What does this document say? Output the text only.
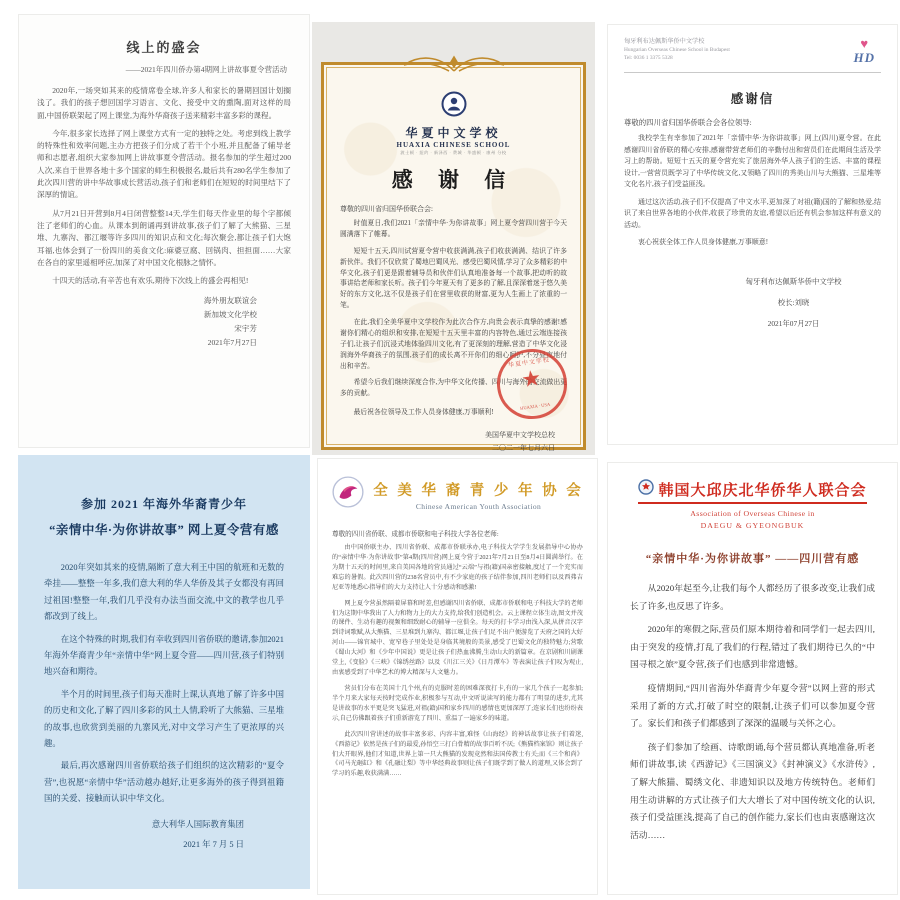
线上的盛会
——2021年四川侨办第4期网上讲故事夏令营活动

2020年,一场突如其来的疫情席卷全球,许多人和家长的暑期回国计划搁浅了。我们的孩子想回国学习语言、文化、接受中文的熏陶,面对这样的局面,中国侨联架起了网上课堂,为海外华裔孩子送来精彩丰富多彩的课程。

今年,很多家长选择了网上课堂方式有一定的独特之处。考虑到线上教学的特殊性和效率问题,主办方把孩子们分成了若干个小班,并且配备了辅导老师和志愿者,组织大家参加网上讲故事夏令营活动。报名参加的学生超过200人次,来自于世界各地十多个国家的师生积极报名,最后共有280名学生参加了此次四川营的讲中华故事成长营活动,孩子们和老师们在短短的时间里结下了深厚的情谊。

从7月21日开营到8月4日闭营整整14天,学生们每天作业里的每个字都倾注了老师们的心血。从课本到朗诵再到讲故事,孩子们了解了大熊猫、三星堆、九寨沟、都江堰等许多四川的知识点和文化;每次聚会,都让孩子们大饱耳福,也体会到了一份四川的美食文化:麻婆豆腐、回锅肉、担担面……大家在各自的家里遥相呼应,加深了对中国文化根脉之情怀。

十四天的活动,有辛苦也有欢乐,期待下次线上的盛会再相见!

海外朋友联谊会
新加坡文化学校
宋宇芳
2021年7月27日
华夏中文学校
HUAXIA CHINESE SCHOOL
波士顿 · 纽约 · 新泽西 · 费城 · 华盛顿 · 康州 分校
感 谢 信
尊敬的四川省归国华侨联合会:

时值夏日,我们2021「亲情中华·为你讲故事」网上夏令营四川营于今天圆满落下了帷幕。

短短十五天,四川试营夏令营中收获满满,孩子们收获满满、结识了许多新伙伴。我们不仅欣赏了蜀地巴蜀风光、感受巴蜀风情,学习了众多精彩的中华文化,孩子们更是跟着辅导员和伙伴们认真地准备每一个故事,把动听的故事讲给老师和家长听。孩子们今年夏天有了更多的了解,且深深着迷于悠久美好的东方文化,这不仅是孩子们在营里收获的财富,更为人生画上了浓重的一笔。

在此,我们全美华夏中文学校作为此次合作方,向贵会表示真挚的感谢!感谢你们精心的组织和安排,在短短十五天里丰富的内容特色,通过云端连接孩子们,让孩子们沉浸式地体验四川文化,有了更深刻的理解,营造了中华文化浸润海外华裔孩子的氛围,孩子们的成长离不开你们的细心呵护,不分昼夜地付出和辛苦。

希望今后我们继续深度合作,为中华文化传播、四川与海外的交流做出更多的贡献。

最后祝各位领导及工作人员身体健康,万事顺利!
美国华夏中文学校总校
二〇二一年七月六日
华夏中文学校
★
HUAXIA · USA
匈牙利布达佩斯华侨中文学校
Hungarian Overseas Chinese School in Budapest
Tel: 0036 1 3375 5328
♥
HD
感谢信
尊敬的四川省归国华侨联合会各位领导:

我校学生有幸参加了2021年「亲情中华·为你讲故事」网上(四川)夏令营。在此感谢四川省侨联的精心安排,感谢带营老师们的辛勤付出和营员们在此期间生活及学习上的帮助。短短十五天的夏令营充实了旅居海外华人孩子们的生活、丰富的课程设计,一营营员既学习了中华传统文化,又领略了四川的秀美山川与大熊猫、三星堆等文化名片,孩子们受益匪浅。

通过这次活动,孩子们不仅提高了中文水平,更加深了对祖(籍)国的了解和热爱,结识了来自世界各地的小伙伴,收获了珍贵的友谊,希望以后还有机会参加这样有意义的活动。

衷心祝获全体工作人员身体健康,万事顺意!
匈牙利布达佩斯华侨中文学校
校长:刘晓
2021年07月27日
参加 2021 年海外华裔青少年
“亲情中华·为你讲故事” 网上夏令营有感

2020年突如其来的疫情,隔断了意大利王中国的航班和无数的牵挂——整整一年多,我们意大利的华人华侨及其子女都没有再回过祖国!整整一年,我们几乎没有办法当面交流,中文的教学也几乎都改到了线上。

在这个特殊的时期,我们有幸收到四川省侨联的邀请,参加2021年海外华裔青少年“亲情中华”网上夏令营——四川营,孩子们特别地兴奋和期待。

半个月的时间里,孩子们每天准时上课,认真地了解了许多中国的历史和文化,了解了四川多彩的风土人情,聆听了大熊猫、三星堆的故事,也欣赏到美丽的九寨风光,对中文学习产生了更浓厚的兴趣。

最后,再次感谢四川省侨联给孩子们组织的这次精彩的“夏令营”,也祝愿“亲情中华”活动越办越好,让更多海外的孩子得到祖籍国的关爱、接触而认识中华文化。

意大利华人国际教育集团
2021 年 7 月 5 日
全 美 华 裔 青 少 年 协 会
Chinese American Youth Association
尊敬的四川省侨联、成都市侨联和电子科技大学各位老师:

由中国侨联主办、四川省侨联、成都市侨联承办,电子科技大学学生发展指导中心协办的“亲情中华·为你讲故事”第4期(四川营)网上夏令营于2021年7月21日至8月4日圆满举行。在为期十五天的时间里,来自美国各地的营员通过“云端”与祖(籍)国亲密接触,度过了一个充实而难忘的暑假。此次四川营的238名营员中,有不少家庭的孩子结伴参加,四川老师们以及西弗吉尼亚等地悉心指导们的大力支持让人十分感动和感激!

网上夏令营虽然隔着屏幕和时差,但感谢四川省侨联、成都市侨联和电子科技大学的老师们为这期中华我出了人力和物力上的大力支持,给我们创造机会。云上课程立体生动,图文并茂的课件、生动有趣的视频和细致耐心的辅导一应俱全。每天的打卡学习由浅入深,从拼音汉字到诗词歌赋,从大熊猫、三星堆到九寨沟、都江堰,让孩子们足不出户便游览了天府之国的大好河山——锦官城中、宽窄巷子里处处是身临其境般的美景,感受了巴蜀文化的独特魅力;营歌《蜀山大河》和《少年中国说》更是让孩子们热血沸腾,生动山大的新篇章。在京剧和川剧课堂上,《变脸》《三峡》《锦绣丝路》以及《川江三关》《日月潭车》等表演让孩子们叹为观止,由衷感受到了中华艺术的博大精深与人文魅力。

营员们分布在美国十几个州,有的克服时差的困难深夜打卡,有的一家几个孩子一起参加;半个月来大家每天按时完成作业,积极参与互动,中文听说读写的能力都有了明显的进步,尤其是讲故事的水平更是突飞猛进,对祖(籍)国和家乡四川的感情也更加深厚了;连家长们也纷纷表示,自己仿佛跟着孩子们重新游览了四川、重温了一遍家乡的味道。

此次四川营讲述的故事丰富多彩、内容丰富,难怪《山海经》的神话故事让孩子们着迷,《西游记》依然是孩子们的最爱,孙悟空三打白骨精的故事百听不厌;《熊猫档案馆》则让孩子们大开眼界,他们才知道,世界上第一只大熊猫的发现竟然和法国传教士有关;而《三个和尚》《司马光砸缸》和《孔融让梨》等中华经典故事则让孩子们既学到了做人的道理,又体会到了学习的乐趣,收获满满……

韩国大邱庆北华侨华人联合会
Association of Overseas Chinese in
DAEGU & GYEONGBUK
“亲情中华·为你讲故事” ——四川营有感

从2020年起至今,让我们每个人都经历了很多改变,让我们成长了许多,也反思了许多。

2020年的寒假之际,营员们原本期待着和同学们一起去四川,由于突发的疫情,打乱了我们的行程,错过了我们期待已久的“中国寻根之旅”夏令营,孩子们也感到非常遗憾。

疫情期间,“四川省海外华裔青少年夏令营”以网上营的形式采用了新的方式,打破了时空的限制,让孩子们可以参加夏令营了。家长们和孩子们都感到了深深的温暖与关怀之心。

孩子们参加了绘画、诗歌朗诵,每个营员都认真地准备,听老师们讲故事,读《西游记》《三国演义》《封神演义》《水浒传》,了解大熊猫、蜀绣文化、非遗知识以及地方传统特色。老师们用生动讲解的方式让孩子们大大增长了对中国传统文化的认识,孩子们受益匪浅,提高了自己的创作能力,家长们也由衷感谢这次活动……
